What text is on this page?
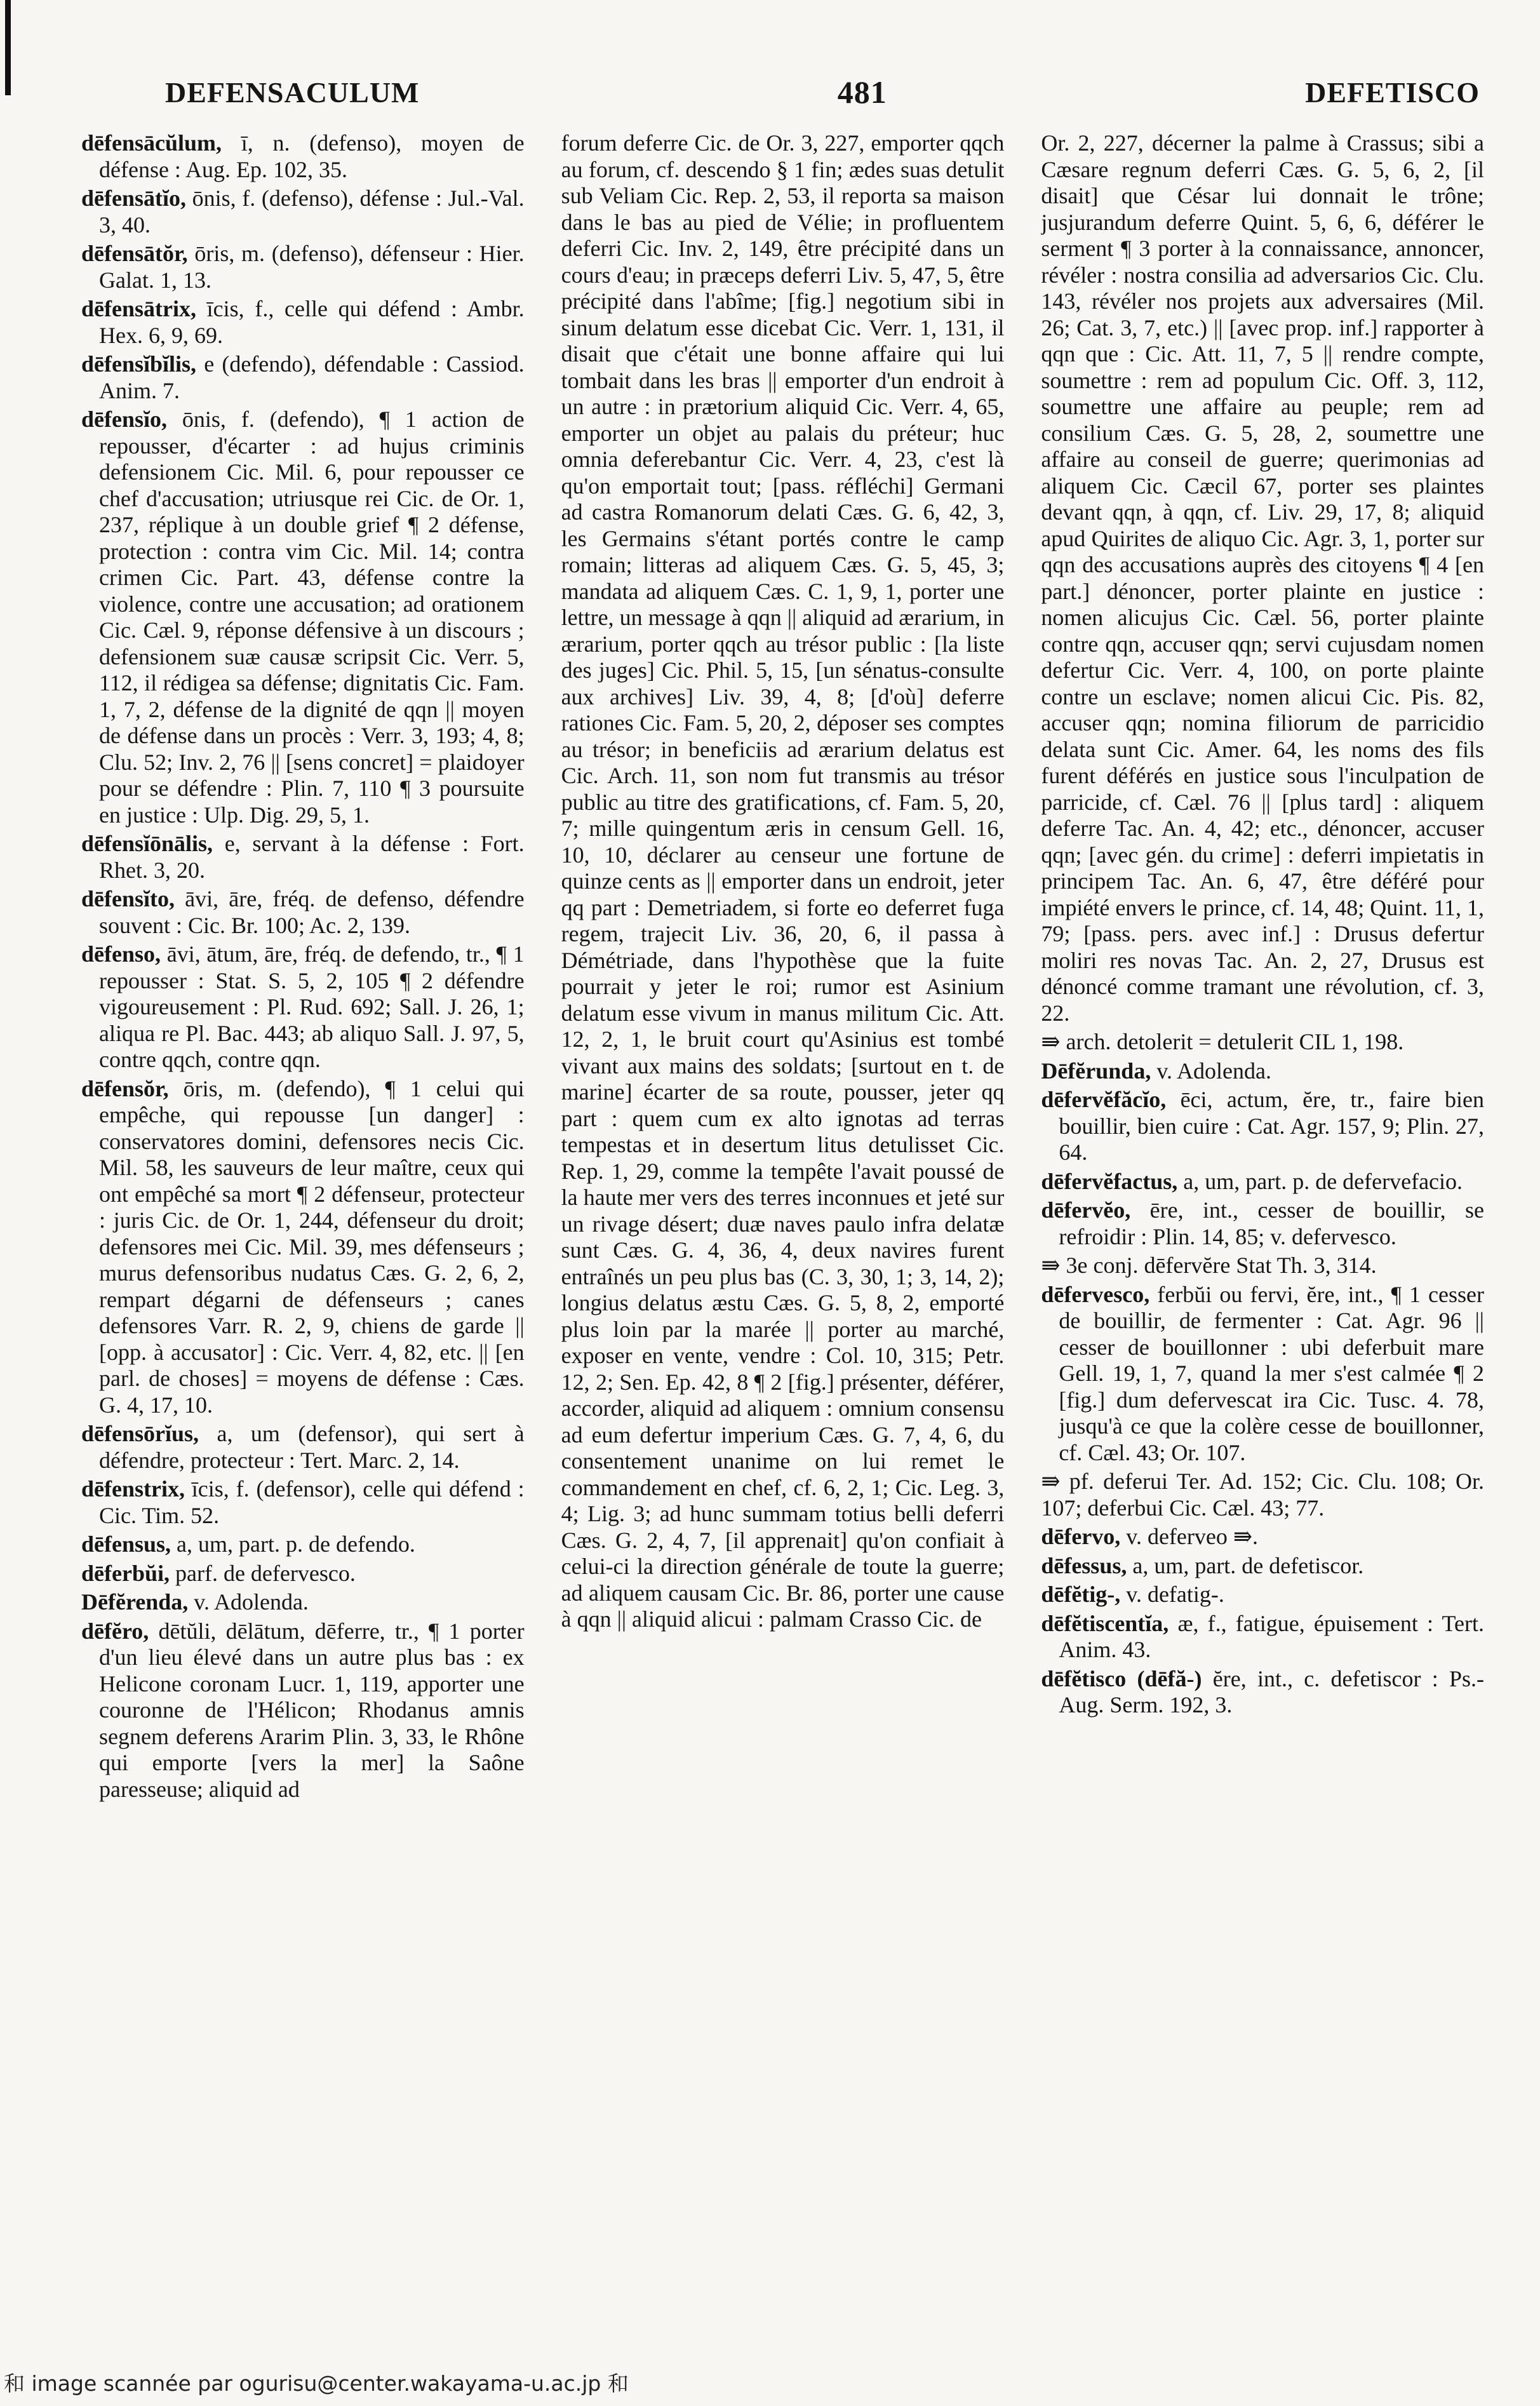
DEFENSACULUM	481	DEFETISCO

dēfensācŭlum, ī, n. (defenso), moyen de défense : Aug. Ep. 102, 35.

dēfensātĭo, ōnis, f. (defenso), défense : Jul.-Val. 3, 40.

dēfensātŏr, ōris, m. (defenso), défenseur : Hier. Galat. 1, 13.

dēfensātrix, īcis, f., celle qui défend : Ambr. Hex. 6, 9, 69.

dēfensĭbĭlis, e (defendo), défendable : Cassiod. Anim. 7.

dēfensĭo, ōnis, f. (defendo), ¶ 1 action de repousser, d'écarter : ad hujus criminis defensionem Cic. Mil. 6, pour repousser ce chef d'accusation; utriusque rei Cic. de Or. 1, 237, réplique à un double grief ¶ 2 défense, protection : contra vim Cic. Mil. 14; contra crimen Cic. Part. 43, défense contre la violence, contre une accusation; ad orationem Cic. Cæl. 9, réponse défensive à un discours ; defensionem suæ causæ scripsit Cic. Verr. 5, 112, il rédigea sa défense; dignitatis Cic. Fam. 1, 7, 2, défense de la dignité de qqn || moyen de défense dans un procès : Verr. 3, 193; 4, 8; Clu. 52; Inv. 2, 76 || [sens concret] = plaidoyer pour se défendre : Plin. 7, 110 ¶ 3 poursuite en justice : Ulp. Dig. 29, 5, 1.

dēfensĭōnālis, e, servant à la défense : Fort. Rhet. 3, 20.

dēfensĭto, āvi, āre, fréq. de defenso, défendre souvent : Cic. Br. 100; Ac. 2, 139.

dēfenso, āvi, ātum, āre, fréq. de defendo, tr., ¶ 1 repousser : Stat. S. 5, 2, 105 ¶ 2 défendre vigoureusement : Pl. Rud. 692; Sall. J. 26, 1; aliqua re Pl. Bac. 443; ab aliquo Sall. J. 97, 5, contre qqch, contre qqn.

dēfensŏr, ōris, m. (defendo), ¶ 1 celui qui empêche, qui repousse [un danger] : conservatores domini, defensores necis Cic. Mil. 58, les sauveurs de leur maître, ceux qui ont empêché sa mort ¶ 2 défenseur, protecteur : juris Cic. de Or. 1, 244, défenseur du droit; defensores mei Cic. Mil. 39, mes défenseurs ; murus defensoribus nudatus Cæs. G. 2, 6, 2, rempart dégarni de défenseurs ; canes defensores Varr. R. 2, 9, chiens de garde || [opp. à accusator] : Cic. Verr. 4, 82, etc. || [en parl. de choses] = moyens de défense : Cæs. G. 4, 17, 10.

dēfensōrĭus, a, um (defensor), qui sert à défendre, protecteur : Tert. Marc. 2, 14.

dēfenstrix, īcis, f. (defensor), celle qui défend : Cic. Tim. 52.

dēfensus, a, um, part. p. de defendo.

dēferbŭi, parf. de defervesco.

Dēfĕrenda, v. Adolenda.

dēfĕro, dētŭli, dēlātum, dēferre, tr., ¶ 1 porter d'un lieu élevé dans un autre plus bas : ex Helicone coronam Lucr. 1, 119, apporter une couronne de l'Hélicon; Rhodanus amnis segnem deferens Ararim Plin. 3, 33, le Rhône qui emporte [vers la mer] la Saône paresseuse; aliquid ad

forum deferre Cic. de Or. 3, 227, emporter qqch au forum, cf. descendo § 1 fin; ædes suas detulit sub Veliam Cic. Rep. 2, 53, il reporta sa maison dans le bas au pied de Vélie; in profluentem deferri Cic. Inv. 2, 149, être précipité dans un cours d'eau; in præceps deferri Liv. 5, 47, 5, être précipité dans l'abîme; [fig.] negotium sibi in sinum delatum esse dicebat Cic. Verr. 1, 131, il disait que c'était une bonne affaire qui lui tombait dans les bras || emporter d'un endroit à un autre : in prætorium aliquid Cic. Verr. 4, 65, emporter un objet au palais du préteur; huc omnia deferebantur Cic. Verr. 4, 23, c'est là qu'on emportait tout; [pass. réfléchi] Germani ad castra Romanorum delati Cæs. G. 6, 42, 3, les Germains s'étant portés contre le camp romain; litteras ad aliquem Cæs. G. 5, 45, 3; mandata ad aliquem Cæs. C. 1, 9, 1, porter une lettre, un message à qqn || aliquid ad ærarium, in ærarium, porter qqch au trésor public : [la liste des juges] Cic. Phil. 5, 15, [un sénatus-consulte aux archives] Liv. 39, 4, 8; [d'où] deferre rationes Cic. Fam. 5, 20, 2, déposer ses comptes au trésor; in beneficiis ad ærarium delatus est Cic. Arch. 11, son nom fut transmis au trésor public au titre des gratifications, cf. Fam. 5, 20, 7; mille quingentum æris in censum Gell. 16, 10, 10, déclarer au censeur une fortune de quinze cents as || emporter dans un endroit, jeter qq part : Demetriadem, si forte eo deferret fuga regem, trajecit Liv. 36, 20, 6, il passa à Démétriade, dans l'hypothèse que la fuite pourrait y jeter le roi; rumor est Asinium delatum esse vivum in manus militum Cic. Att. 12, 2, 1, le bruit court qu'Asinius est tombé vivant aux mains des soldats; [surtout en t. de marine] écarter de sa route, pousser, jeter qq part : quem cum ex alto ignotas ad terras tempestas et in desertum litus detulisset Cic. Rep. 1, 29, comme la tempête l'avait poussé de la haute mer vers des terres inconnues et jeté sur un rivage désert; duæ naves paulo infra delatæ sunt Cæs. G. 4, 36, 4, deux navires furent entraînés un peu plus bas (C. 3, 30, 1; 3, 14, 2); longius delatus æstu Cæs. G. 5, 8, 2, emporté plus loin par la marée || porter au marché, exposer en vente, vendre : Col. 10, 315; Petr. 12, 2; Sen. Ep. 42, 8 ¶ 2 [fig.] présenter, déférer, accorder, aliquid ad aliquem : omnium consensu ad eum defertur imperium Cæs. G. 7, 4, 6, du consentement unanime on lui remet le commandement en chef, cf. 6, 2, 1; Cic. Leg. 3, 4; Lig. 3; ad hunc summam totius belli deferri Cæs. G. 2, 4, 7, [il apprenait] qu'on confiait à celui-ci la direction générale de toute la guerre; ad aliquem causam Cic. Br. 86, porter une cause à qqn || aliquid alicui : palmam Crasso Cic. de

Or. 2, 227, décerner la palme à Crassus; sibi a Cæsare regnum deferri Cæs. G. 5, 6, 2, [il disait] que César lui donnait le trône; jusjurandum deferre Quint. 5, 6, 6, déférer le serment ¶ 3 porter à la connaissance, annoncer, révéler : nostra consilia ad adversarios Cic. Clu. 143, révéler nos projets aux adversaires (Mil. 26; Cat. 3, 7, etc.) || [avec prop. inf.] rapporter à qqn que : Cic. Att. 11, 7, 5 || rendre compte, soumettre : rem ad populum Cic. Off. 3, 112, soumettre une affaire au peuple; rem ad consilium Cæs. G. 5, 28, 2, soumettre une affaire au conseil de guerre; querimonias ad aliquem Cic. Cæcil 67, porter ses plaintes devant qqn, à qqn, cf. Liv. 29, 17, 8; aliquid apud Quirites de aliquo Cic. Agr. 3, 1, porter sur qqn des accusations auprès des citoyens ¶ 4 [en part.] dénoncer, porter plainte en justice : nomen alicujus Cic. Cæl. 56, porter plainte contre qqn, accuser qqn; servi cujusdam nomen defertur Cic. Verr. 4, 100, on porte plainte contre un esclave; nomen alicui Cic. Pis. 82, accuser qqn; nomina filiorum de parricidio delata sunt Cic. Amer. 64, les noms des fils furent déférés en justice sous l'inculpation de parricide, cf. Cæl. 76 || [plus tard] : aliquem deferre Tac. An. 4, 42; etc., dénoncer, accuser qqn; [avec gén. du crime] : deferri impietatis in principem Tac. An. 6, 47, être déféré pour impiété envers le prince, cf. 14, 48; Quint. 11, 1, 79; [pass. pers. avec inf.] : Drusus defertur moliri res novas Tac. An. 2, 27, Drusus est dénoncé comme tramant une révolution, cf. 3, 22.

⇛ arch. detolerit = detulerit CIL 1, 198.

Dēfĕrunda, v. Adolenda.

dēfervĕfăcĭo, ēci, actum, ĕre, tr., faire bien bouillir, bien cuire : Cat. Agr. 157, 9; Plin. 27, 64.

dēfervĕfactus, a, um, part. p. de defervefacio.

dēfervĕo, ēre, int., cesser de bouillir, se refroidir : Plin. 14, 85; v. defervesco.

⇛ 3e conj. dēfervĕre Stat Th. 3, 314.

dēfervesco, ferbŭi ou fervi, ĕre, int., ¶ 1 cesser de bouillir, de fermenter : Cat. Agr. 96 || cesser de bouillonner : ubi deferbuit mare Gell. 19, 1, 7, quand la mer s'est calmée ¶ 2 [fig.] dum defervescat ira Cic. Tusc. 4. 78, jusqu'à ce que la colère cesse de bouillonner, cf. Cæl. 43; Or. 107.

⇛ pf. deferui Ter. Ad. 152; Cic. Clu. 108; Or. 107; deferbui Cic. Cæl. 43; 77.

dēfervo, v. deferveo ⇛.

dēfessus, a, um, part. de defetiscor.

dēfĕtig-, v. defatig-.

dēfĕtiscentĭa, æ, f., fatigue, épuisement : Tert. Anim. 43.

dēfĕtisco (dēfă-) ĕre, int., c. defetiscor : Ps.-Aug. Serm. 192, 3.

和 image scannée par ogurisu@center.wakayama-u.ac.jp 和
